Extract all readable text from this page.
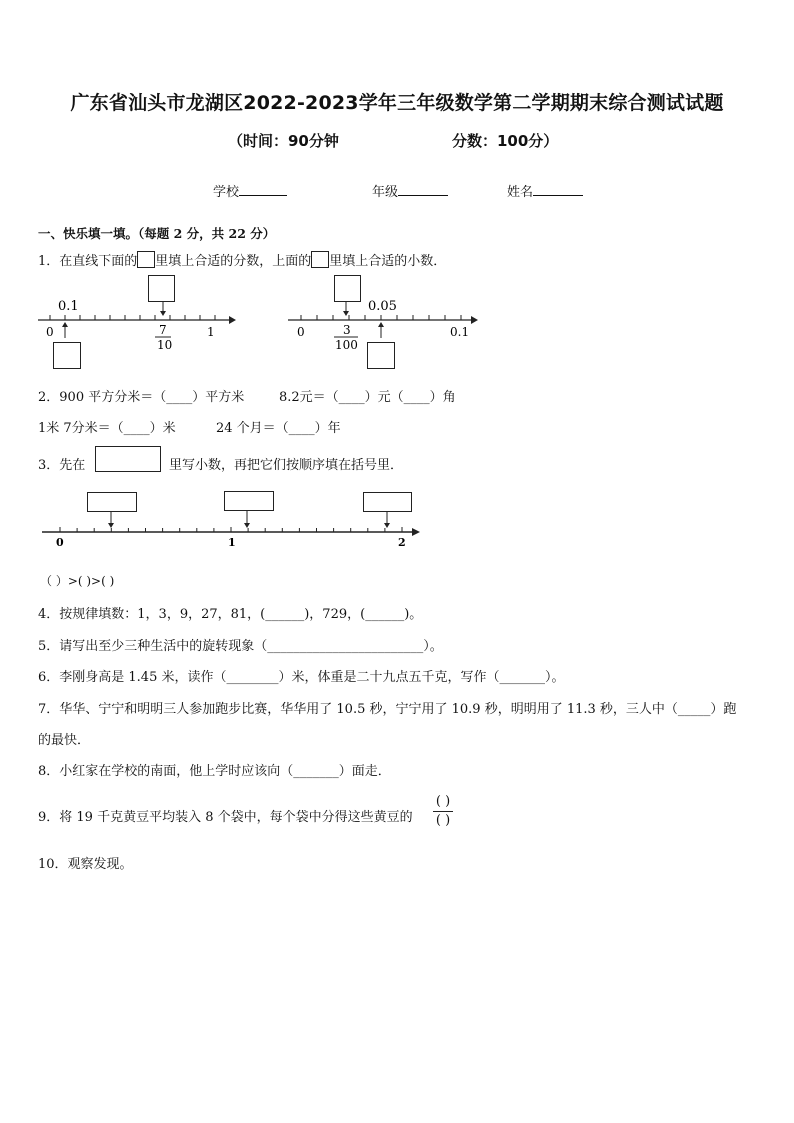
广东省汕头市龙湖区2022-2023学年三年级数学第二学期期末综合测试试题
（时间：90分钟	分数：100分）
学校	年级	姓名
一、快乐填一填。（每题 2 分，共 22 分）
1．在直线下面的 里填上合适的分数，上面的 里填上合适的小数．
0.1
0	7
10
1
0.05
0	3
100
0.1
2．900 平方分米＝（____）平方米	8.2元＝（____）元（____）角
1米 7分米＝（____）米	24 个月＝（____）年
3．先在	里写小数，再把它们按顺序填在括号里．
0	1	2
（ ）>( )>( )
4．按规律填数：1，3，9，27，81，(______)，729，(______)。
5．请写出至少三种生活中的旋转现象（________________________）。
6．李刚身高是 1.45 米，读作（________）米，体重是二十九点五千克，写作（_______）。
7．华华、宁宁和明明三人参加跑步比赛，华华用了 10.5 秒，宁宁用了 10.9 秒，明明用了 11.3 秒，三人中（_____）跑
的最快．
8．小红家在学校的南面，他上学时应该向（_______）面走．
9．将 19 千克黄豆平均装入 8 个袋中，每个袋中分得这些黄豆的
( )
( )
10．观察发现。
